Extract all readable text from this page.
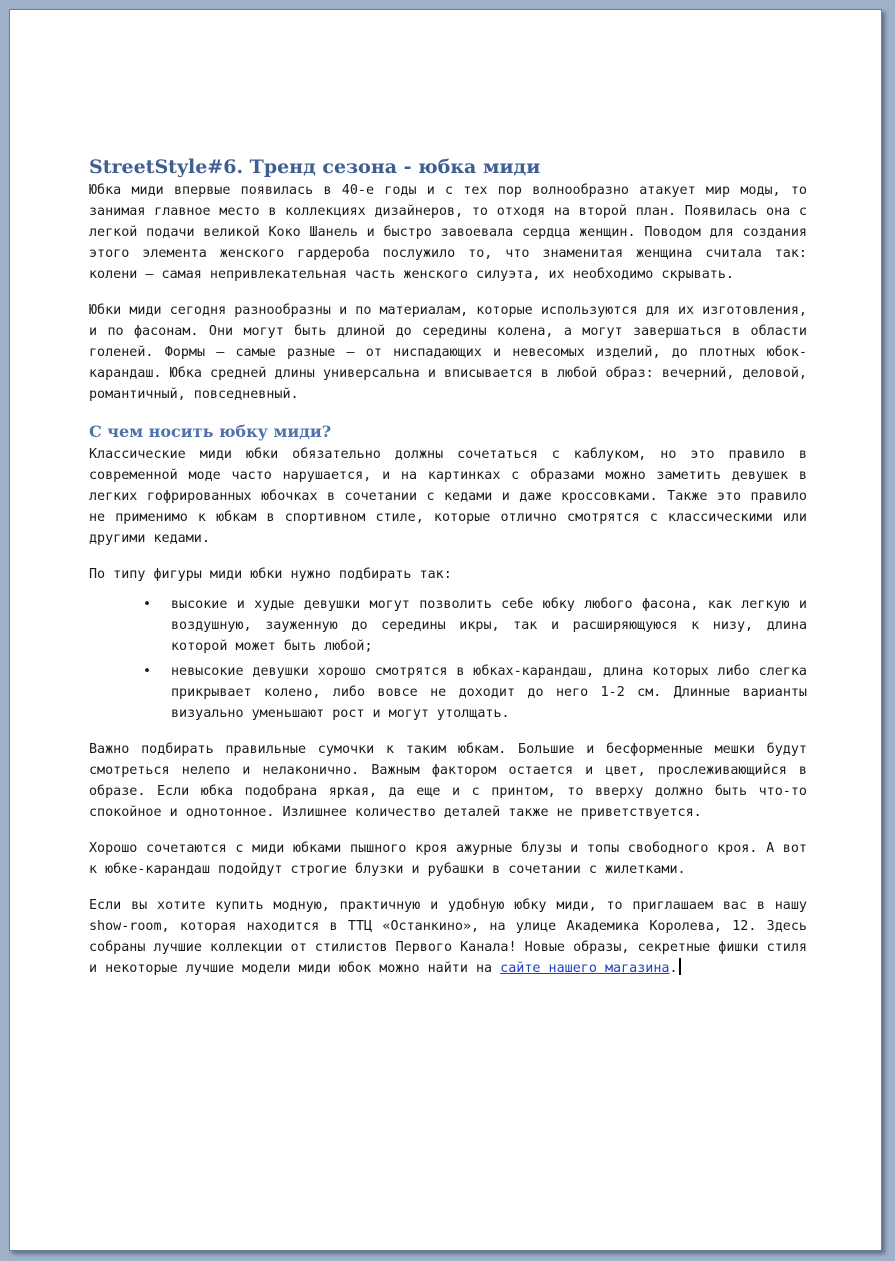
StreetStyle#6. Тренд сезона - юбка миди

Юбка миди впервые появилась в 40-е годы и с тех пор волнообразно атакует мир моды, то занимая главное место в коллекциях дизайнеров, то отходя на второй план. Появилась она с легкой подачи великой Коко Шанель и быстро завоевала сердца женщин. Поводом для создания этого элемента женского гардероба послужило то, что знаменитая женщина считала так: колени – самая непривлекательная часть женского силуэта, их необходимо скрывать.

Юбки миди сегодня разнообразны и по материалам, которые используются для их изготовления, и по фасонам. Они могут быть длиной до середины колена, а могут завершаться в области голеней. Формы – самые разные – от ниспадающих и невесомых изделий, до плотных юбок-карандаш. Юбка средней длины универсальна и вписывается в любой образ: вечерний, деловой, романтичный, повседневный.

С чем носить юбку миди?

Классические миди юбки обязательно должны сочетаться с каблуком, но это правило в современной моде часто нарушается, и на картинках с образами можно заметить девушек в легких гофрированных юбочках в сочетании с кедами и даже кроссовками. Также это правило не применимо к юбкам в спортивном стиле, которые отлично смотрятся с классическими или другими кедами.

По типу фигуры миди юбки нужно подбирать так:

• высокие и худые девушки могут позволить себе юбку любого фасона, как легкую и воздушную, зауженную до середины икры, так и расширяющуюся к низу, длина которой может быть любой;
• невысокие девушки хорошо смотрятся в юбках-карандаш, длина которых либо слегка прикрывает колено, либо вовсе не доходит до него 1-2 см. Длинные варианты визуально уменьшают рост и могут утолщать.

Важно подбирать правильные сумочки к таким юбкам. Большие и бесформенные мешки будут смотреться нелепо и нелаконично. Важным фактором остается и цвет, прослеживающийся в образе. Если юбка подобрана яркая, да еще и с принтом, то вверху должно быть что-то спокойное и однотонное. Излишнее количество деталей также не приветствуется.

Хорошо сочетаются с миди юбками пышного кроя ажурные блузы и топы свободного кроя. А вот к юбке-карандаш подойдут строгие блузки и рубашки в сочетании с жилетками.

Если вы хотите купить модную, практичную и удобную юбку миди, то приглашаем вас в нашу show-room, которая находится в ТТЦ «Останкино», на улице Академика Королева, 12. Здесь собраны лучшие коллекции от стилистов Первого Канала! Новые образы, секретные фишки стиля и некоторые лучшие модели миди юбок можно найти на сайте нашего магазина.
